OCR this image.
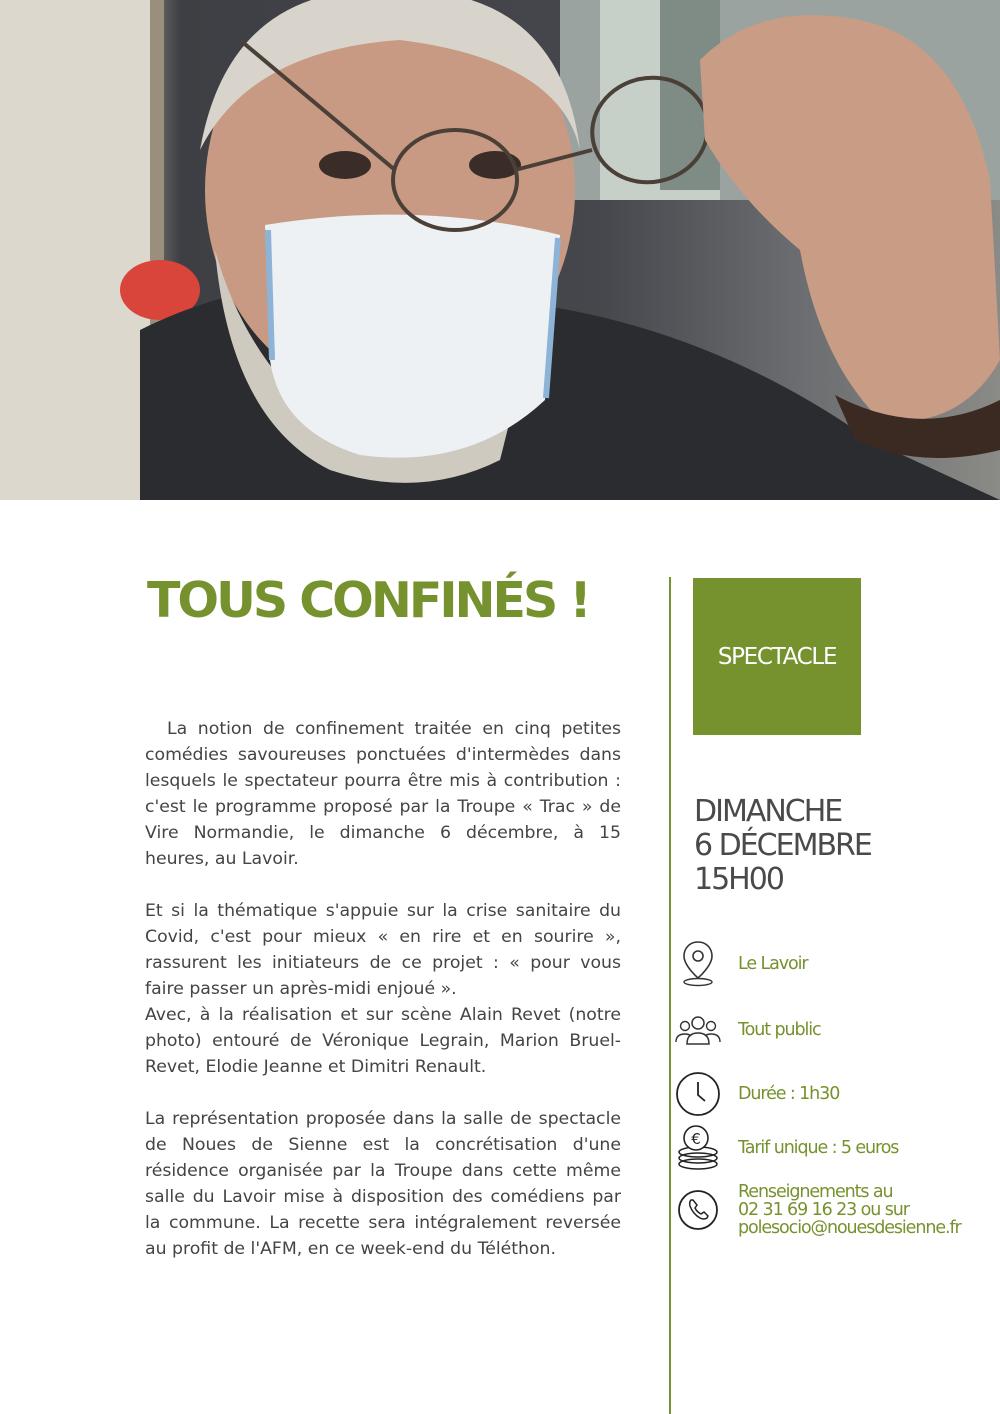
TOUS CONFINÉS !

La notion de confinement traitée en cinq petites comédies savoureuses ponctuées d'intermèdes dans lesquels le spectateur pourra être mis à contribution : c'est le programme proposé par la Troupe « Trac » de Vire Normandie, le dimanche 6 décembre, à 15 heures, au Lavoir.

Et si la thématique s'appuie sur la crise sanitaire du Covid, c'est pour mieux « en rire et en sourire », rassurent les initiateurs de ce projet : « pour vous faire passer un après-midi enjoué ».

Avec, à la réalisation et sur scène Alain Revet (notre photo) entouré de Véronique Legrain, Marion Bruel-Revet, Elodie Jeanne et Dimitri Renault.

La représentation proposée dans la salle de spectacle de Noues de Sienne est la concrétisation d'une résidence organisée par la Troupe dans cette même salle du Lavoir mise à disposition des comédiens par la commune. La recette sera intégralement reversée au profit de l'AFM, en ce week-end du Téléthon.

SPECTACLE
DIMANCHE
6 DÉCEMBRE
15H00
Le Lavoir
Tout public
Durée : 1h30
€ Tarif unique : 5 euros
Renseignements au
02 31 69 16 23 ou sur
polesocio@nouesdesienne.fr
